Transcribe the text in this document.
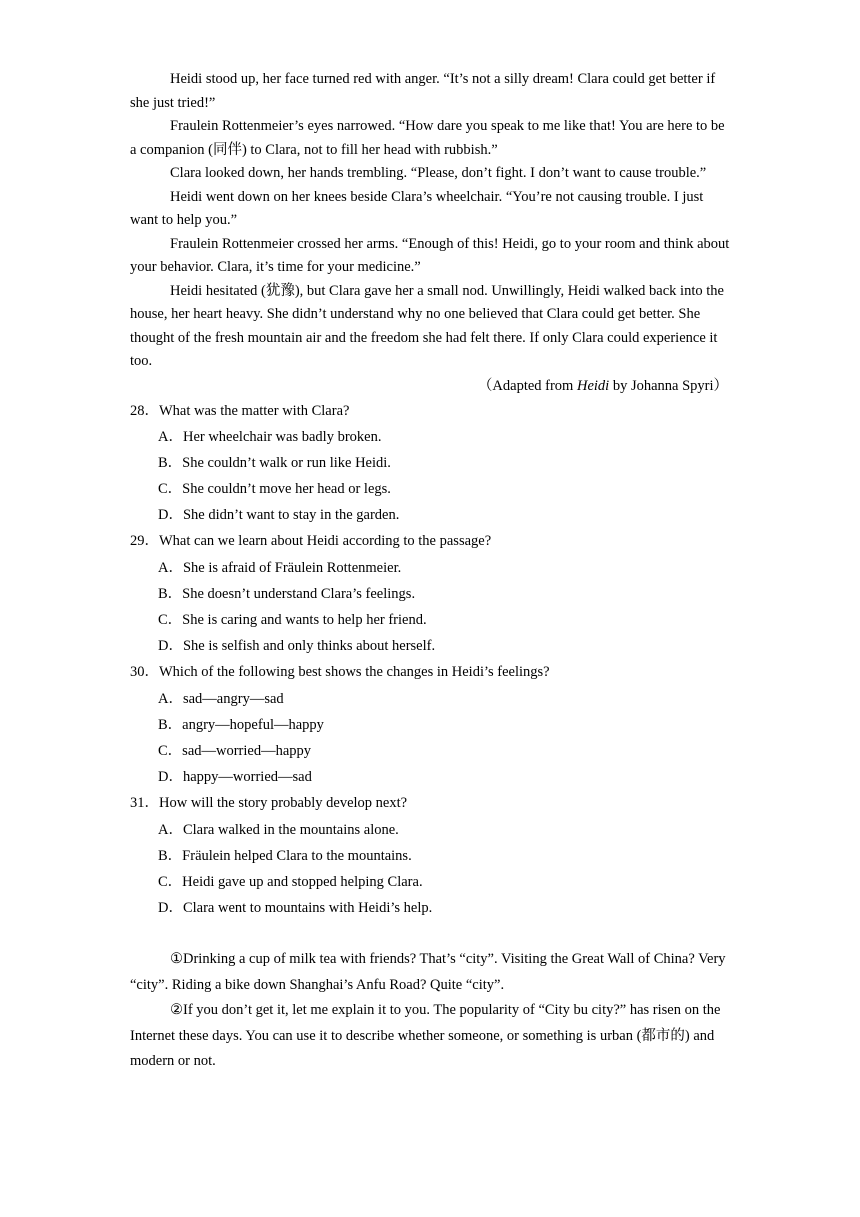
Heidi stood up, her face turned red with anger. “It’s not a silly dream! Clara could get better if she just tried!”

Fraulein Rottenmeier’s eyes narrowed. “How dare you speak to me like that! You are here to be a companion (同伴) to Clara, not to fill her head with rubbish.”

Clara looked down, her hands trembling. “Please, don’t fight. I don’t want to cause trouble.”

Heidi went down on her knees beside Clara’s wheelchair. “You’re not causing trouble. I just want to help you.”

Fraulein Rottenmeier crossed her arms. “Enough of this! Heidi, go to your room and think about your behavior. Clara, it’s time for your medicine.”

Heidi hesitated (犹豫), but Clara gave her a small nod. Unwillingly, Heidi walked back into the house, her heart heavy. She didn’t understand why no one believed that Clara could get better. She thought of the fresh mountain air and the freedom she had felt there. If only Clara could experience it too.

（Adapted from Heidi by Johanna Spyri）

28．What was the matter with Clara?

A．Her wheelchair was badly broken.

B．She couldn’t walk or run like Heidi.

C．She couldn’t move her head or legs.

D．She didn’t want to stay in the garden.

29．What can we learn about Heidi according to the passage?

A．She is afraid of Fräulein Rottenmeier.

B．She doesn’t understand Clara’s feelings.

C．She is caring and wants to help her friend.

D．She is selfish and only thinks about herself.

30．Which of the following best shows the changes in Heidi’s feelings?

A．sad—angry—sad

B．angry—hopeful—happy

C．sad—worried—happy

D．happy—worried—sad

31．How will the story probably develop next?

A．Clara walked in the mountains alone.

B．Fräulein helped Clara to the mountains.

C．Heidi gave up and stopped helping Clara.

D．Clara went to mountains with Heidi’s help.

①Drinking a cup of milk tea with friends? That’s “city”. Visiting the Great Wall of China? Very “city”. Riding a bike down Shanghai’s Anfu Road? Quite “city”.

②If you don’t get it, let me explain it to you. The popularity of “City bu city?” has risen on the Internet these days. You can use it to describe whether someone, or something is urban (都市的) and modern or not.
